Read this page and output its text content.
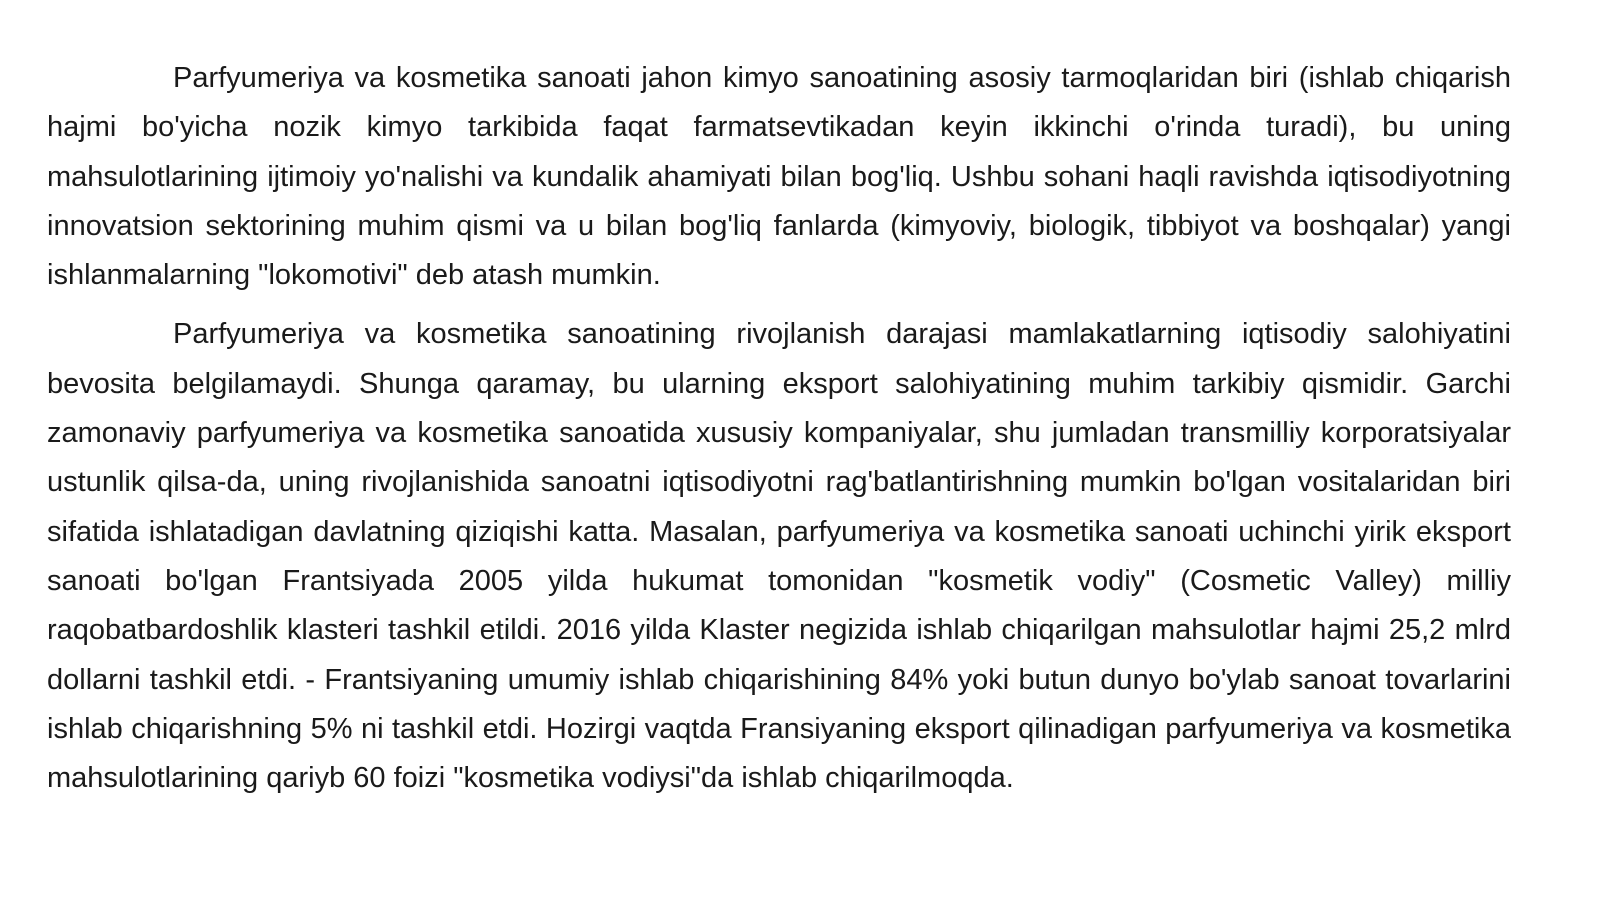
Parfyumeriya va kosmetika sanoati jahon kimyo sanoatining asosiy tarmoqlaridan biri (ishlab chiqarish hajmi bo'yicha nozik kimyo tarkibida faqat farmatsevtikadan keyin ikkinchi o'rinda turadi), bu uning mahsulotlarining ijtimoiy yo'nalishi va kundalik ahamiyati bilan bog'liq. Ushbu sohani haqli ravishda iqtisodiyotning innovatsion sektorining muhim qismi va u bilan bog'liq fanlarda (kimyoviy, biologik, tibbiyot va boshqalar) yangi ishlanmalarning "lokomotivi" deb atash mumkin.

Parfyumeriya va kosmetika sanoatining rivojlanish darajasi mamlakatlarning iqtisodiy salohiyatini bevosita belgilamaydi. Shunga qaramay, bu ularning eksport salohiyatining muhim tarkibiy qismidir. Garchi zamonaviy parfyumeriya va kosmetika sanoatida xususiy kompaniyalar, shu jumladan transmilliy korporatsiyalar ustunlik qilsa-da, uning rivojlanishida sanoatni iqtisodiyotni rag'batlantirishning mumkin bo'lgan vositalaridan biri sifatida ishlatadigan davlatning qiziqishi katta. Masalan, parfyumeriya va kosmetika sanoati uchinchi yirik eksport sanoati bo'lgan Frantsiyada 2005 yilda hukumat tomonidan "kosmetik vodiy" (Cosmetic Valley) milliy raqobatbardoshlik klasteri tashkil etildi. 2016 yilda Klaster negizida ishlab chiqarilgan mahsulotlar hajmi 25,2 mlrd dollarni tashkil etdi. - Frantsiyaning umumiy ishlab chiqarishining 84% yoki butun dunyo bo'ylab sanoat tovarlarini ishlab chiqarishning 5% ni tashkil etdi. Hozirgi vaqtda Fransiyaning eksport qilinadigan parfyumeriya va kosmetika mahsulotlarining qariyb 60 foizi "kosmetika vodiysi"da ishlab chiqarilmoqda.
